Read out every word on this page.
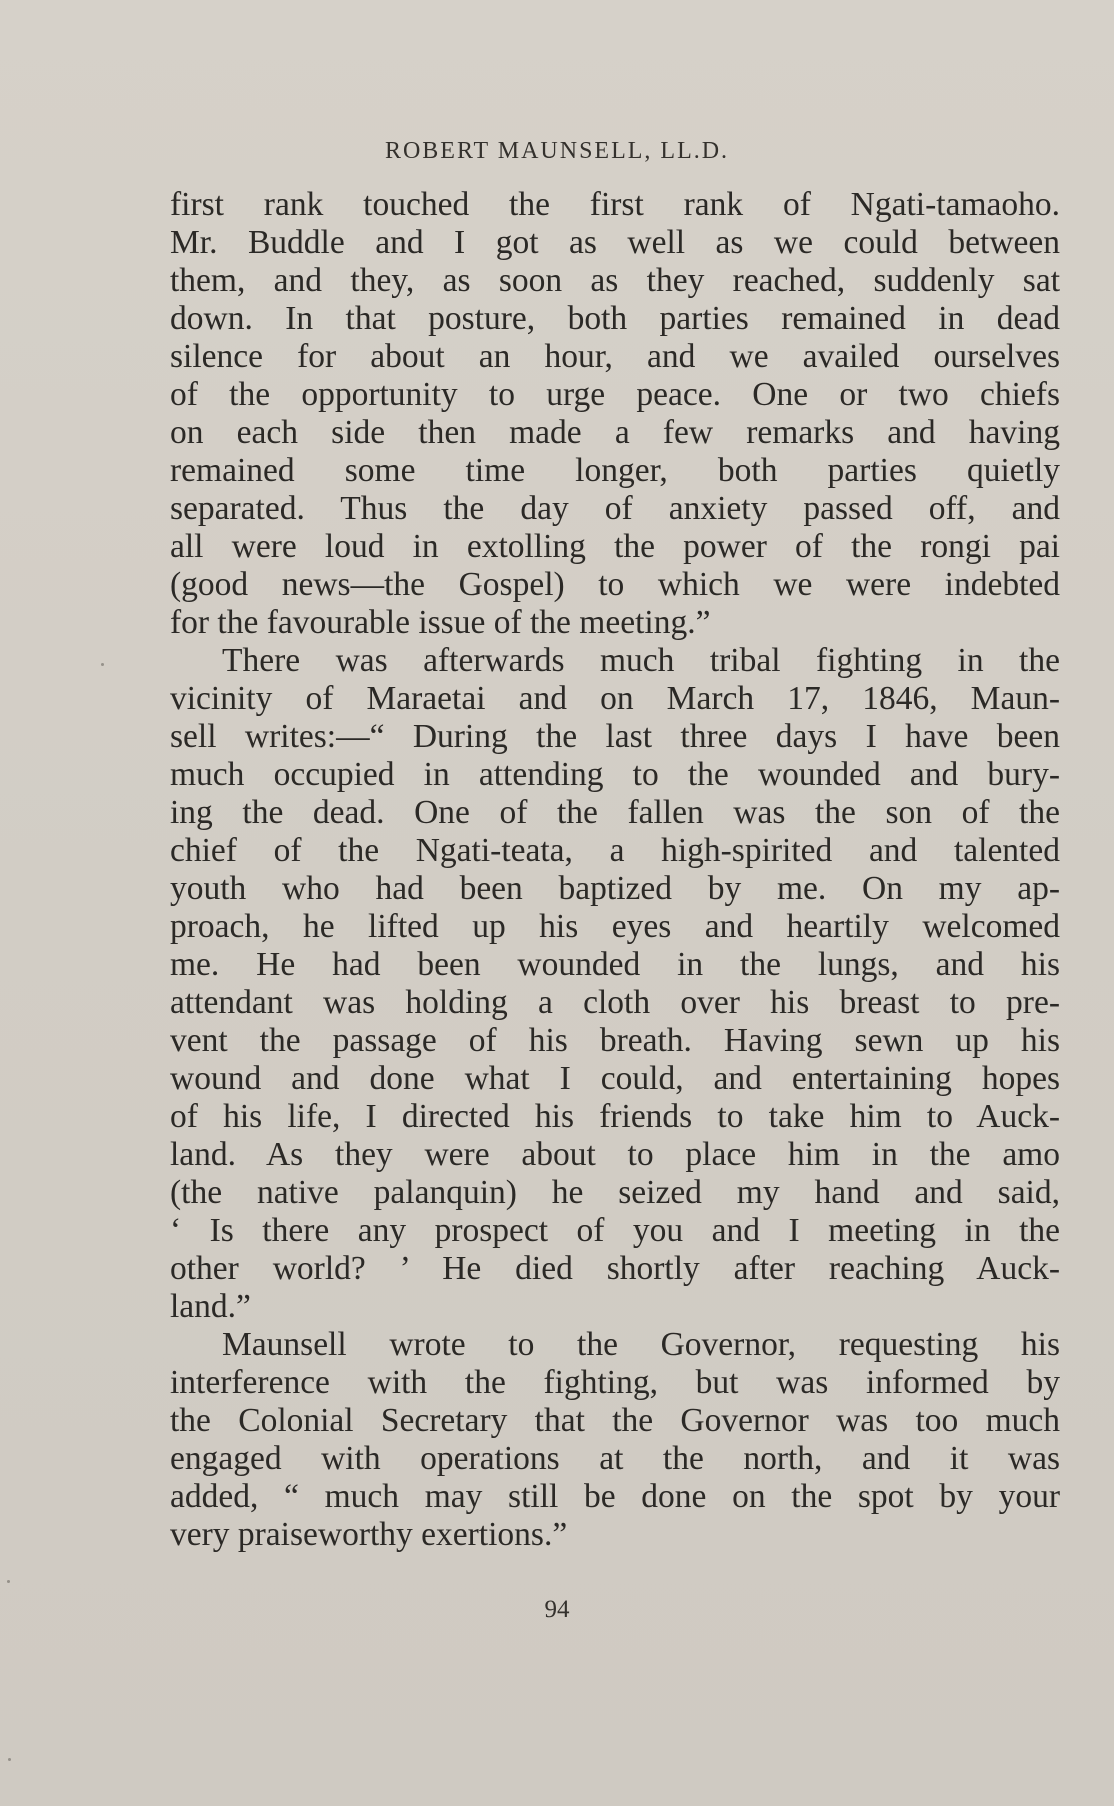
ROBERT MAUNSELL, LL.D.
first rank touched the first rank of Ngati-tamaoho.
Mr. Buddle and I got as well as we could between
them, and they, as soon as they reached, suddenly sat
down. In that posture, both parties remained in dead
silence for about an hour, and we availed ourselves
of the opportunity to urge peace. One or two chiefs
on each side then made a few remarks and having
remained some time longer, both parties quietly
separated. Thus the day of anxiety passed off, and
all were loud in extolling the power of the rongi pai
(good news—the Gospel) to which we were indebted
for the favourable issue of the meeting.”
There was afterwards much tribal fighting in the
vicinity of Maraetai and on March 17, 1846, Maun-
sell writes:—“ During the last three days I have been
much occupied in attending to the wounded and bury-
ing the dead. One of the fallen was the son of the
chief of the Ngati-teata, a high-spirited and talented
youth who had been baptized by me. On my ap-
proach, he lifted up his eyes and heartily welcomed
me. He had been wounded in the lungs, and his
attendant was holding a cloth over his breast to pre-
vent the passage of his breath. Having sewn up his
wound and done what I could, and entertaining hopes
of his life, I directed his friends to take him to Auck-
land. As they were about to place him in the amo
(the native palanquin) he seized my hand and said,
‘ Is there any prospect of you and I meeting in the
other world? ’ He died shortly after reaching Auck-
land.”
Maunsell wrote to the Governor, requesting his
interference with the fighting, but was informed by
the Colonial Secretary that the Governor was too much
engaged with operations at the north, and it was
added, “ much may still be done on the spot by your
very praiseworthy exertions.”
94
